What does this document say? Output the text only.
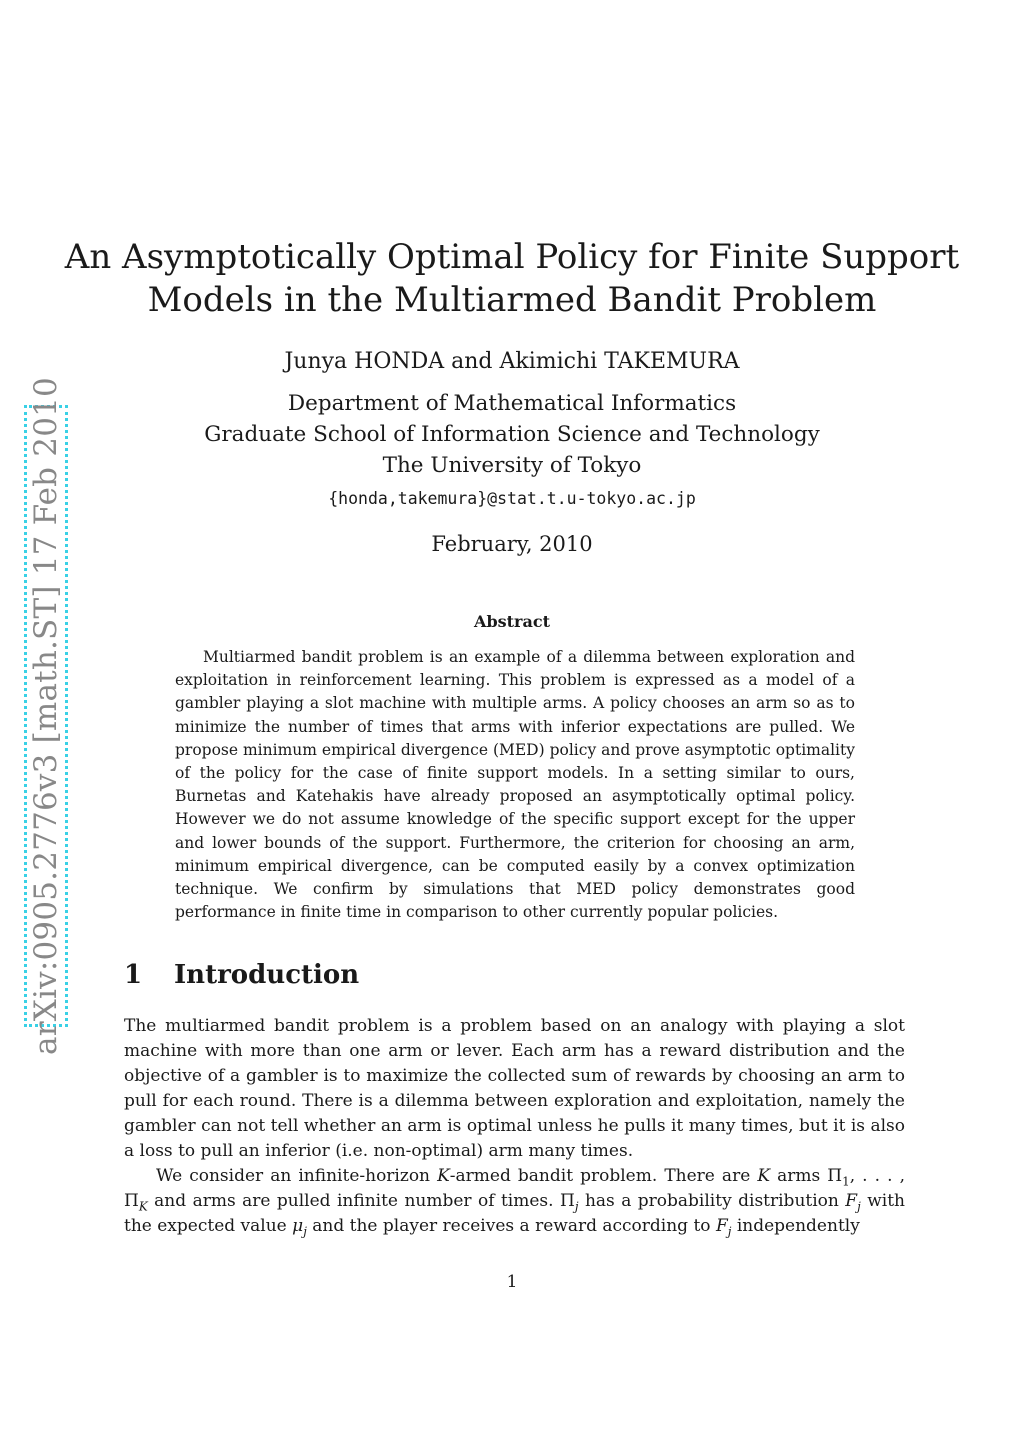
arXiv:0905.2776v3 [math.ST] 17 Feb 2010
An Asymptotically Optimal Policy for Finite Support
Models in the Multiarmed Bandit Problem
Junya HONDA and Akimichi TAKEMURA
Department of Mathematical Informatics
Graduate School of Information Science and Technology
The University of Tokyo
{honda,takemura}@stat.t.u-tokyo.ac.jp
February, 2010
Abstract
Multiarmed bandit problem is an example of a dilemma between exploration and exploitation in reinforcement learning. This problem is expressed as a model of a gambler playing a slot machine with multiple arms. A policy chooses an arm so as to minimize the number of times that arms with inferior expectations are pulled. We propose minimum empirical divergence (MED) policy and prove asymptotic optimality of the policy for the case of finite support models. In a setting similar to ours, Burnetas and Katehakis have already proposed an asymptotically optimal policy. However we do not assume knowledge of the specific support except for the upper and lower bounds of the support. Furthermore, the criterion for choosing an arm, minimum empirical divergence, can be computed easily by a convex optimization technique. We confirm by simulations that MED policy demonstrates good performance in finite time in comparison to other currently popular policies.
1 Introduction

The multiarmed bandit problem is a problem based on an analogy with playing a slot machine with more than one arm or lever. Each arm has a reward distribution and the objective of a gambler is to maximize the collected sum of rewards by choosing an arm to pull for each round. There is a dilemma between exploration and exploitation, namely the gambler can not tell whether an arm is optimal unless he pulls it many times, but it is also a loss to pull an inferior (i.e. non-optimal) arm many times.

We consider an infinite-horizon K-armed bandit problem. There are K arms $\Pi_1$, . . . , $\Pi_K$ and arms are pulled infinite number of times. $\Pi_j$ has a probability distribution $F_j$ with the expected value $\mu_j$ and the player receives a reward according to $F_j$ independently

1
